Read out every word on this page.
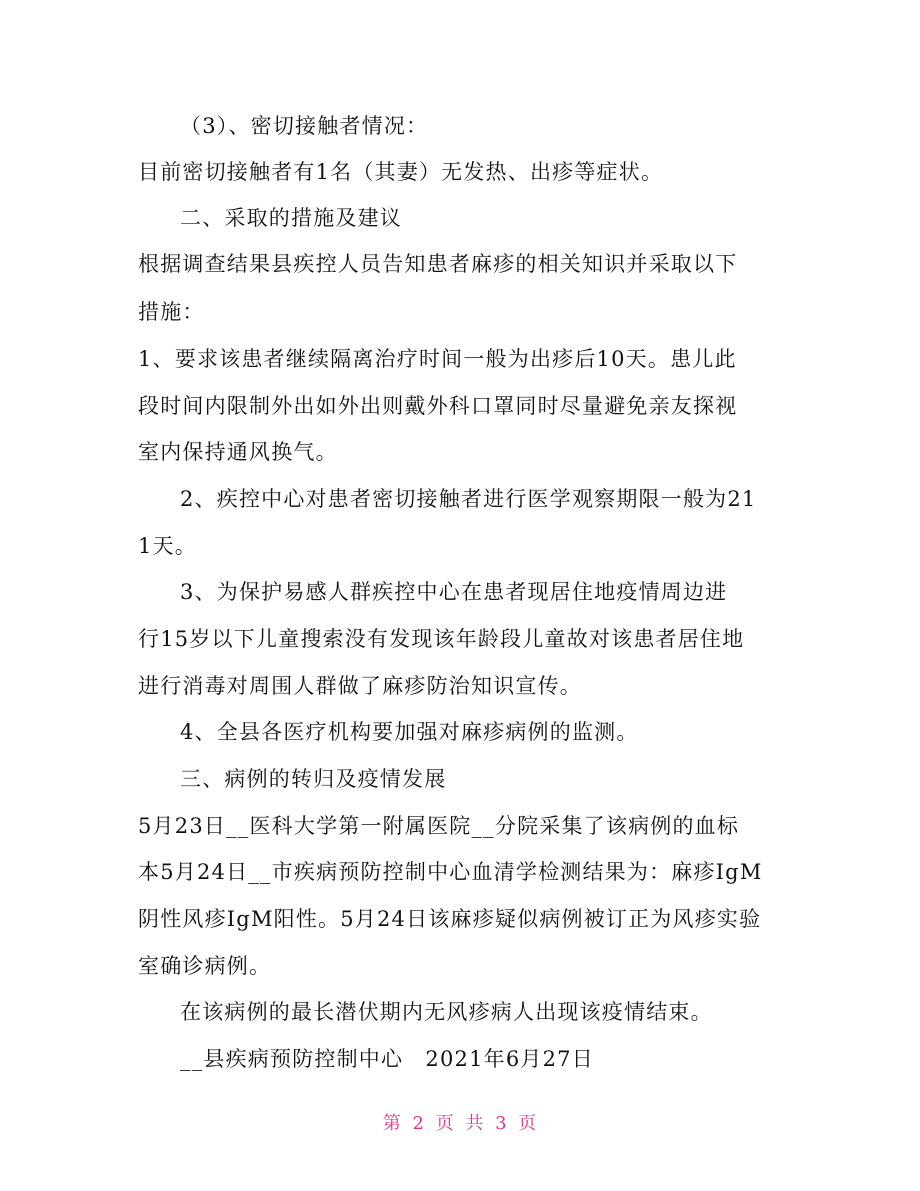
（3）、密切接触者情况：
目前密切接触者有1名（其妻）无发热、出疹等症状。
二、采取的措施及建议
根据调查结果县疾控人员告知患者麻疹的相关知识并采取以下
措施：
1、要求该患者继续隔离治疗时间一般为出疹后10天。患儿此
段时间内限制外出如外出则戴外科口罩同时尽量避免亲友探视
室内保持通风换气。
2、疾控中心对患者密切接触者进行医学观察期限一般为21
1天。
3、为保护易感人群疾控中心在患者现居住地疫情周边进
行15岁以下儿童搜索没有发现该年龄段儿童故对该患者居住地
进行消毒对周围人群做了麻疹防治知识宣传。
4、全县各医疗机构要加强对麻疹病例的监测。
三、病例的转归及疫情发展
5月23日__医科大学第一附属医院__分院采集了该病例的血标
本5月24日__市疾病预防控制中心血清学检测结果为：麻疹IgM
阴性风疹IgM阳性。5月24日该麻疹疑似病例被订正为风疹实验
室确诊病例。
在该病例的最长潜伏期内无风疹病人出现该疫情结束。
__县疾病预防控制中心　2021年6月27日
第 2 页 共 3 页
